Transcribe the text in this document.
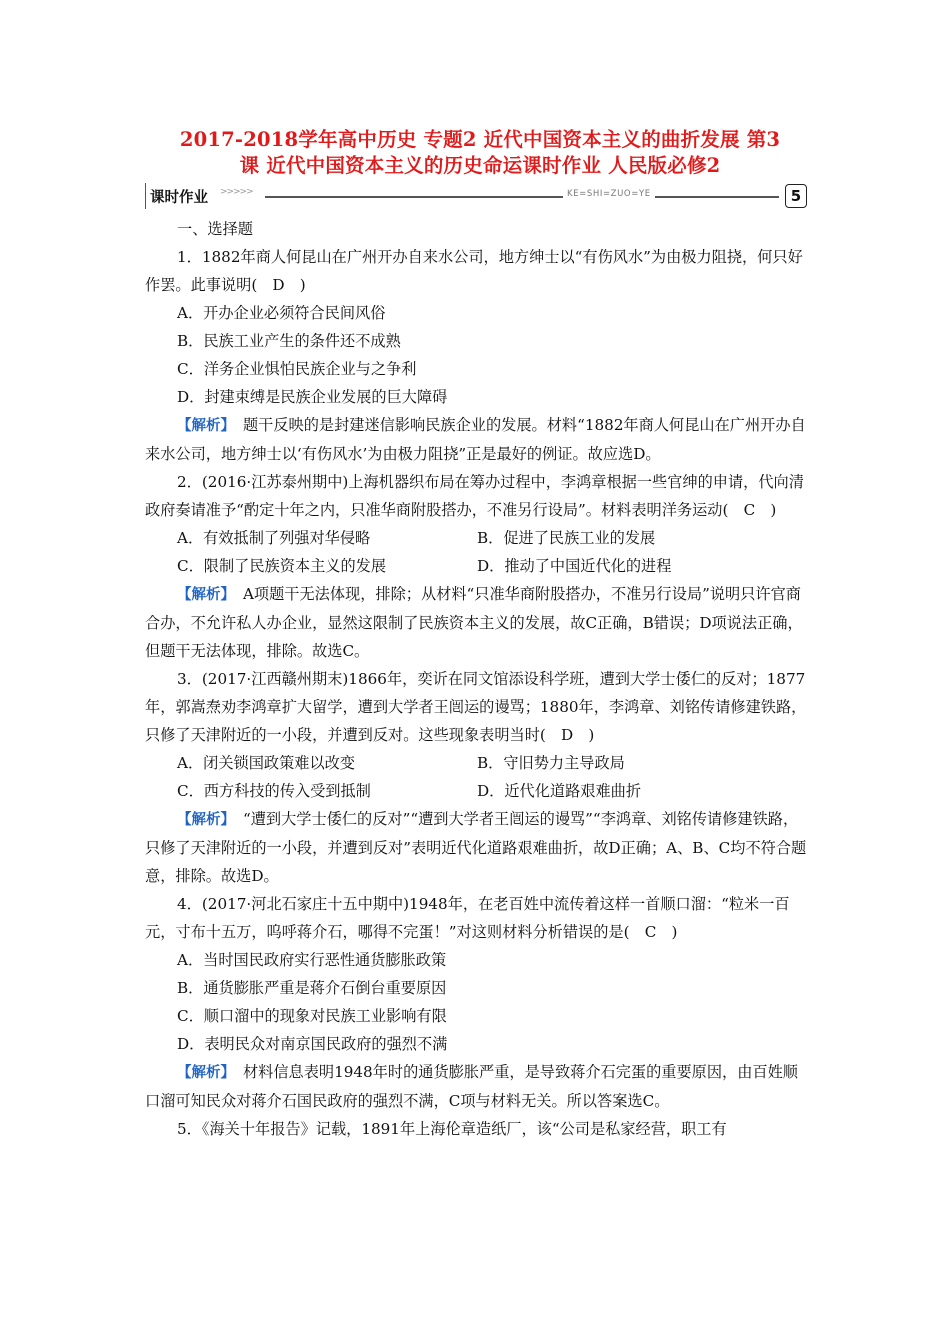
2017-2018学年高中历史 专题2 近代中国资本主义的曲折发展 第3
课 近代中国资本主义的历史命运课时作业 人民版必修2
课时作业 >>>>>	KE=SHI=ZUO=YE	5

一、选择题

1．1882年商人何昆山在广州开办自来水公司，地方绅士以“有伤风水”为由极力阻挠，何只好作罢。此事说明(　D　)

A．开办企业必须符合民间风俗

B．民族工业产生的条件还不成熟

C．洋务企业惧怕民族企业与之争利

D．封建束缚是民族企业发展的巨大障碍

【解析】　题干反映的是封建迷信影响民族企业的发展。材料“1882年商人何昆山在广州开办自来水公司，地方绅士以‘有伤风水’为由极力阻挠”正是最好的例证。故应选D。

2．(2016·江苏泰州期中)上海机器织布局在筹办过程中，李鸿章根据一些官绅的申请，代向清政府奏请准予“酌定十年之内，只准华商附股搭办，不准另行设局”。材料表明洋务运动(　C　)

A．有效抵制了列强对华侵略	B．促进了民族工业的发展
C．限制了民族资本主义的发展	D．推动了中国近代化的进程

【解析】　A项题干无法体现，排除；从材料“只准华商附股搭办，不准另行设局”说明只许官商合办，不允许私人办企业，显然这限制了民族资本主义的发展，故C正确，B错误；D项说法正确，但题干无法体现，排除。故选C。

3．(2017·江西赣州期末)1866年，奕䜣在同文馆添设科学班，遭到大学士倭仁的反对；1877年，郭嵩焘劝李鸿章扩大留学，遭到大学者王闿运的谩骂；1880年，李鸿章、刘铭传请修建铁路，只修了天津附近的一小段，并遭到反对。这些现象表明当时(　D　)

A．闭关锁国政策难以改变	B．守旧势力主导政局
C．西方科技的传入受到抵制	D．近代化道路艰难曲折

【解析】　“遭到大学士倭仁的反对”“遭到大学者王闿运的谩骂”“李鸿章、刘铭传请修建铁路，只修了天津附近的一小段，并遭到反对”表明近代化道路艰难曲折，故D正确；A、B、C均不符合题意，排除。故选D。

4．(2017·河北石家庄十五中期中)1948年，在老百姓中流传着这样一首顺口溜：“粒米一百元，寸布十五万，呜呼蒋介石，哪得不完蛋！”对这则材料分析错误的是(　C　)

A．当时国民政府实行恶性通货膨胀政策

B．通货膨胀严重是蒋介石倒台重要原因

C．顺口溜中的现象对民族工业影响有限

D．表明民众对南京国民政府的强烈不满

【解析】　材料信息表明1948年时的通货膨胀严重，是导致蒋介石完蛋的重要原因，由百姓顺口溜可知民众对蒋介石国民政府的强烈不满，C项与材料无关。所以答案选C。

5．《海关十年报告》记载，1891年上海伦章造纸厂，该“公司是私家经营，职工有
